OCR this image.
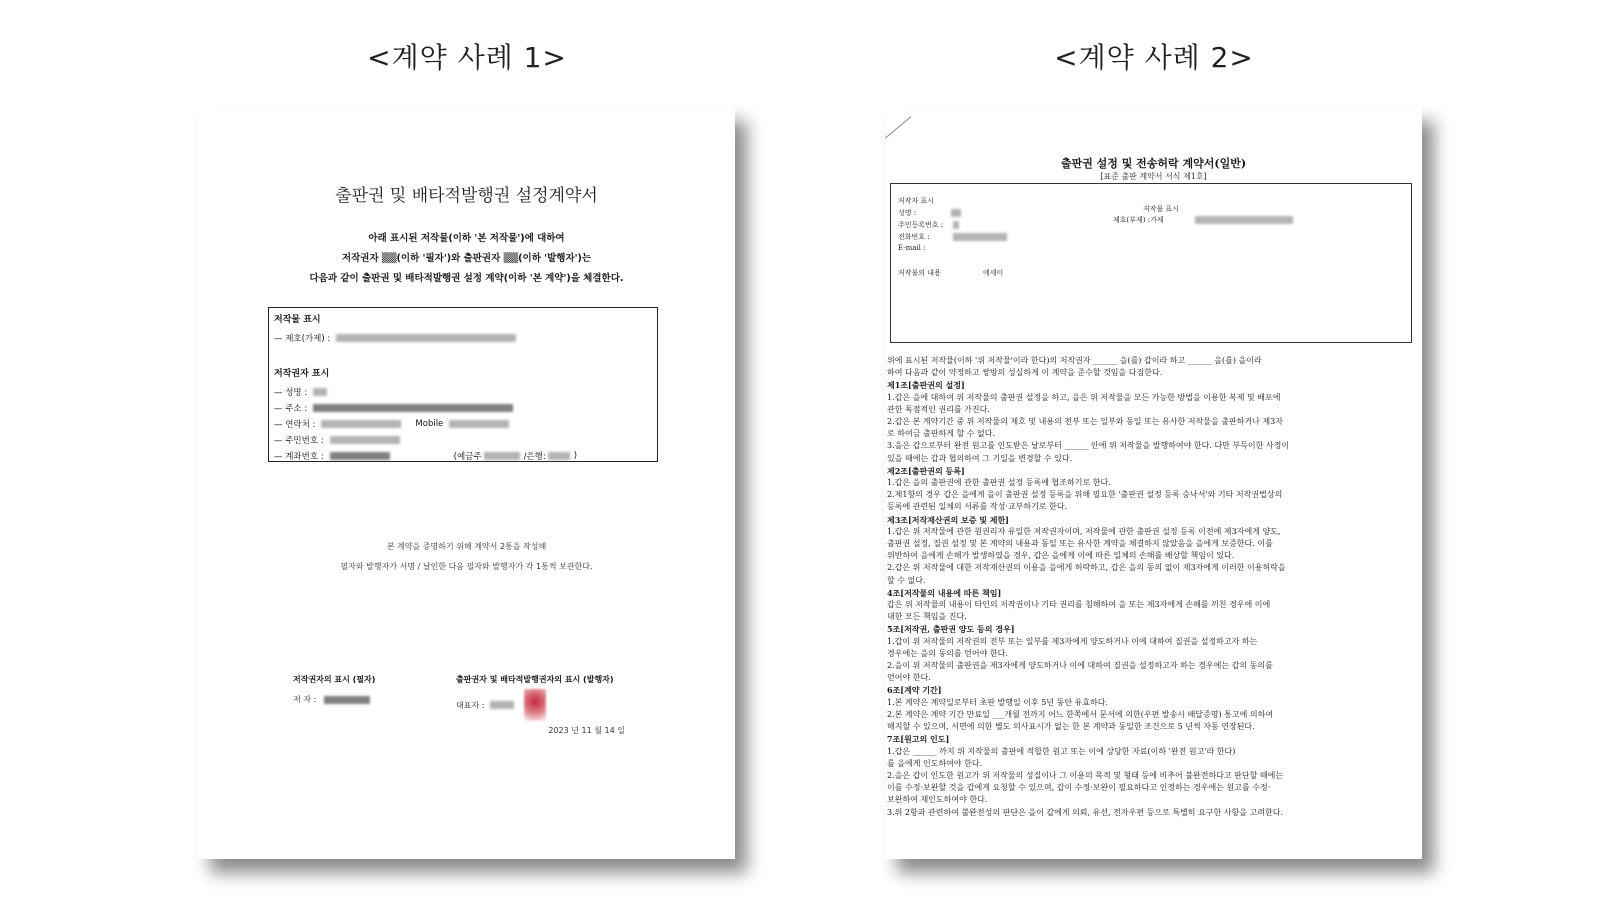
<계약 사례 1>	<계약 사례 2>
출판권 및 배타적발행권 설정계약서
아래 표시된 저작물(이하 '본 저작물')에 대하여
저작권자 ▒▒(이하 '필자')와 출판권자 ▒▒(이하 '발행자')는
다음과 같이 출판권 및 배타적발행권 설정 계약(이하 '본 계약')을 체결한다.
저작물 표시
— 제호(가제) :
저작권자 표시
— 성명 :
— 주소 :
— 연락처 :	Mobile
— 주민번호 :
— 계좌번호 :	(예금주	/은행:	)
본 계약을 증명하기 위해 계약서 2통을 작성해
필자와 발행자가 서명 / 날인한 다음 필자와 발행자가 각 1통씩 보관한다.
2023 년 11 월 14 일
저작권자의 표시 (필자)
저 자 :
출판권자 및 배타적발행권자의 표시 (발행자)
대표자 :
출판권 설정 및 전송허락 계약서(일반)
[표준 출판 계약서 서식 제1호]
저작자 표시
성명 :
주민등록번호 :
전화번호 :
E-mail :
저작물의 내용	에세이
저작물 표시
제호(부제) :가제
위에 표시된 저작물(이하 '위 저작물'이라 한다)의 저작권자 ______ 을(를) 갑이라 하고 ______ 을(를) 을이라
하여 다음과 같이 약정하고 쌍방의 성실하게 이 계약을 준수할 것임을 다짐한다.
제1조[출판권의 설정]
1.갑은 을에 대하여 위 저작물의 출판권 설정을 하고, 을은 위 저작물을 모든 가능한 방법을 이용한 복제 및 배포에
관한 독점적인 권리를 가진다.
2.갑은 본 계약기간 중 위 저작물의 제호 및 내용의 전부 또는 일부와 동일 또는 유사한 저작물을 출판하거나 제3자
로 하여금 출판하게 할 수 없다.
3.을은 갑으로부터 완전 원고를 인도받은 날로부터 ______ 안에 위 저작물을 발행하여야 한다. 다만 부득이한 사정이
있을 때에는 갑과 협의하여 그 기일을 변경할 수 있다.
제2조[출판권의 등록]
1.갑은 을의 출판권에 관한 출판권 설정 등록에 협조하기로 한다.
2.제1항의 경우 갑은 을에게 을이 출판권 설정 등록을 위해 필요한 '출판권 설정 등록 승낙서'와 기타 저작권법상의
등록에 관련된 일체의 서류를 작성·교부하기로 한다.
제3조[저작재산권의 보증 및 제한]
1.갑은 위 저작물에 관한 원권리자 유일한 저작권자이며, 저작물에 관한 출판권 설정 등록 이전에 제3자에게 양도,
출판권 설정, 질권 설정 및 본 계약의 내용과 동일 또는 유사한 계약을 체결하지 않았음을 을에게 보증한다. 이를
위반하여 을에게 손해가 발생하였을 경우, 갑은 을에게 이에 따른 일체의 손해를 배상할 책임이 있다.
2.갑은 위 저작물에 대한 저작재산권의 이용을 을에게 허락하고, 갑은 을의 동의 없이 제3자에게 이러한 이용허락을
할 수 없다.
4조[저작물의 내용에 따른 책임]
갑은 위 저작물의 내용이 타인의 저작권이나 기타 권리를 침해하여 을 또는 제3자에게 손해를 끼친 경우에 이에
대한 모든 책임을 진다.
5조[저작권, 출판권 양도 등의 경우]
1.갑이 위 저작물의 저작권의 전부 또는 일부를 제3자에게 양도하거나 이에 대하여 질권을 설정하고자 하는
경우에는 을의 동의를 얻어야 한다.
2.을이 위 저작물의 출판권을 제3자에게 양도하거나 이에 대하여 질권을 설정하고자 하는 경우에는 갑의 동의를
얻어야 한다.
6조[계약 기간]
1.본 계약은 계약일로부터 초판 발행일 이후 5년 동안 유효하다.
2.본 계약은 계약 기간 만료일 ___개월 전까지 어느 한쪽에서 문서에 의한(우편 발송시 배달증명) 통고에 의하여
해지할 수 있으며, 서면에 의한 별도 의사표시가 없는 한 본 계약과 동일한 조건으로 5 년씩 자동 연장된다.
7조[원고의 인도]
1.갑은 ______ 까지 위 저작물의 출판에 적합한 원고 또는 이에 상당한 자료(이하 '완전 원고'라 한다)
를 을에게 인도하여야 한다.
2.을은 갑이 인도한 원고가 위 저작물의 성질이나 그 이용의 목적 및 형태 등에 비추어 불완전하다고 판단할 때에는
이를 수정·보완할 것을 갑에게 요청할 수 있으며, 갑이 수정·보완이 필요하다고 인정하는 경우에는 원고를 수정·
보완하여 재인도하여야 한다.
3.위 2항과 관련하여 불완전성의 판단은 을이 갑에게 의뢰, 유선, 전자우편 등으로 특별히 요구한 사항을 고려한다.
